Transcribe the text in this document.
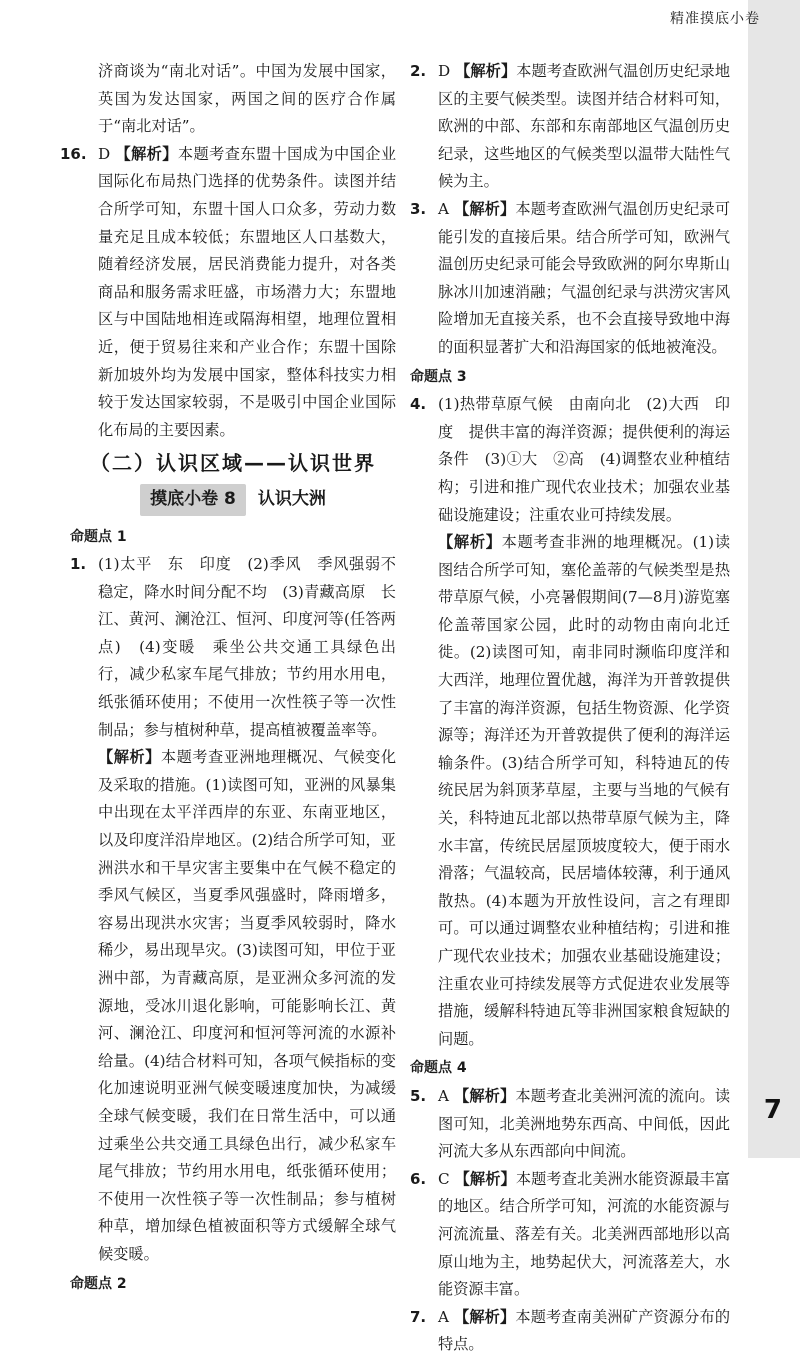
精准摸底小卷

济商谈为“南北对话”。中国为发展中国家，英国为发达国家，两国之间的医疗合作属于“南北对话”。

16. D 【解析】本题考查东盟十国成为中国企业国际化布局热门选择的优势条件。读图并结合所学可知，东盟十国人口众多，劳动力数量充足且成本较低；东盟地区人口基数大，随着经济发展，居民消费能力提升，对各类商品和服务需求旺盛，市场潜力大；东盟地区与中国陆地相连或隔海相望，地理位置相近，便于贸易往来和产业合作；东盟十国除新加坡外均为发展中国家，整体科技实力相较于发达国家较弱，不是吸引中国企业国际化布局的主要因素。
（二）认识区域——认识世界
摸底小卷 8	认识大洲

命题点 1

1. (1)太平　东　印度　(2)季风　季风强弱不稳定，降水时间分配不均　(3)青藏高原　长江、黄河、澜沧江、恒河、印度河等(任答两点)　(4)变暖　乘坐公共交通工具绿色出行，减少私家车尾气排放；节约用水用电，纸张循环使用；不使用一次性筷子等一次性制品；参与植树种草，提高植被覆盖率等。

【解析】本题考查亚洲地理概况、气候变化及采取的措施。(1)读图可知，亚洲的风暴集中出现在太平洋西岸的东亚、东南亚地区，以及印度洋沿岸地区。(2)结合所学可知，亚洲洪水和干旱灾害主要集中在气候不稳定的季风气候区，当夏季风强盛时，降雨增多，容易出现洪水灾害；当夏季风较弱时，降水稀少，易出现旱灾。(3)读图可知，甲位于亚洲中部，为青藏高原，是亚洲众多河流的发源地，受冰川退化影响，可能影响长江、黄河、澜沧江、印度河和恒河等河流的水源补给量。(4)结合材料可知，各项气候指标的变化加速说明亚洲气候变暖速度加快，为减缓全球气候变暖，我们在日常生活中，可以通过乘坐公共交通工具绿色出行，减少私家车尾气排放；节约用水用电，纸张循环使用；不使用一次性筷子等一次性制品；参与植树种草，增加绿色植被面积等方式缓解全球气候变暖。

命题点 2

2. D 【解析】本题考查欧洲气温创历史纪录地区的主要气候类型。读图并结合材料可知，欧洲的中部、东部和东南部地区气温创历史纪录，这些地区的气候类型以温带大陆性气候为主。
3. A 【解析】本题考查欧洲气温创历史纪录可能引发的直接后果。结合所学可知，欧洲气温创历史纪录可能会导致欧洲的阿尔卑斯山脉冰川加速消融；气温创纪录与洪涝灾害风险增加无直接关系，也不会直接导致地中海的面积显著扩大和沿海国家的低地被淹没。

命题点 3

4. (1)热带草原气候　由南向北　(2)大西　印度　提供丰富的海洋资源；提供便利的海运条件　(3)①大　②高　(4)调整农业种植结构；引进和推广现代农业技术；加强农业基础设施建设；注重农业可持续发展。

【解析】本题考查非洲的地理概况。(1)读图结合所学可知，塞伦盖蒂的气候类型是热带草原气候，小亮暑假期间(7—8月)游览塞伦盖蒂国家公园，此时的动物由南向北迁徙。(2)读图可知，南非同时濒临印度洋和大西洋，地理位置优越，海洋为开普敦提供了丰富的海洋资源，包括生物资源、化学资源等；海洋还为开普敦提供了便利的海洋运输条件。(3)结合所学可知，科特迪瓦的传统民居为斜顶茅草屋，主要与当地的气候有关，科特迪瓦北部以热带草原气候为主，降水丰富，传统民居屋顶坡度较大，便于雨水滑落；气温较高，民居墙体较薄，利于通风散热。(4)本题为开放性设问，言之有理即可。可以通过调整农业种植结构；引进和推广现代农业技术；加强农业基础设施建设；注重农业可持续发展等方式促进农业发展等措施，缓解科特迪瓦等非洲国家粮食短缺的问题。

命题点 4

5. A 【解析】本题考查北美洲河流的流向。读图可知，北美洲地势东西高、中间低，因此河流大多从东西部向中间流。
6. C 【解析】本题考查北美洲水能资源最丰富的地区。结合所学可知，河流的水能资源与河流流量、落差有关。北美洲西部地形以高原山地为主，地势起伏大，河流落差大，水能资源丰富。
7. A 【解析】本题考查南美洲矿产资源分布的特点。
7
